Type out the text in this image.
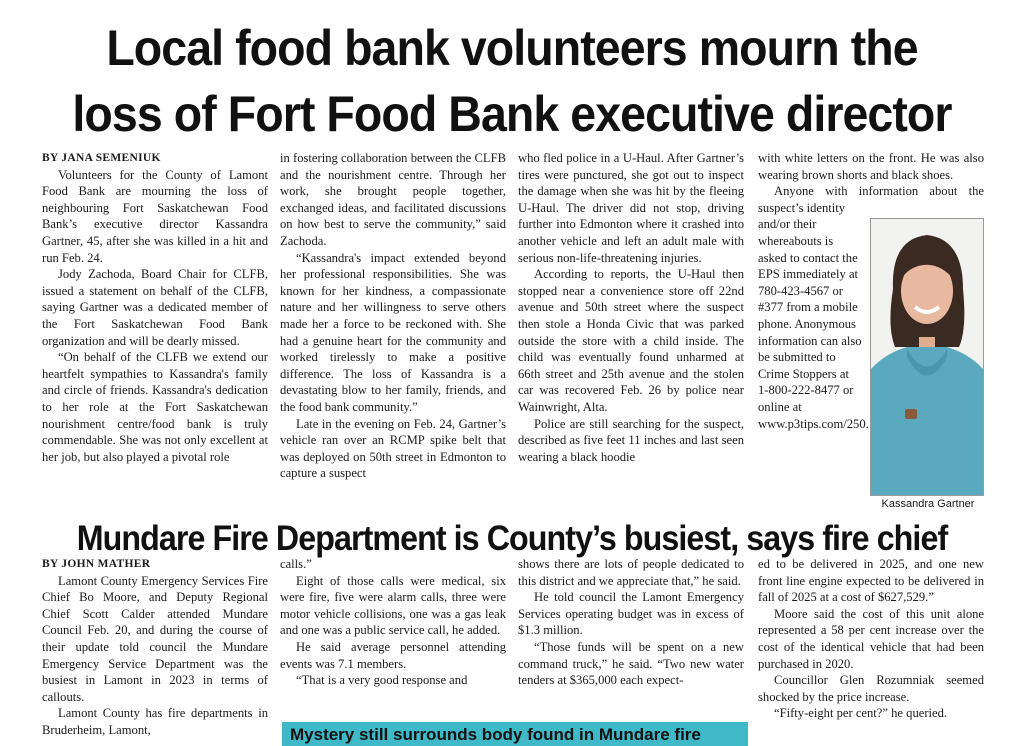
Local food bank volunteers mourn the
loss of Fort Food Bank executive director

BY JANA SEMENIUK

Volunteers for the County of Lamont Food Bank are mourning the loss of neighbouring Fort Saskatchewan Food Bank’s executive director Kassandra Gartner, 45, after she was killed in a hit and run Feb. 24.

Jody Zachoda, Board Chair for CLFB, issued a statement on behalf of the CLFB, saying Gartner was a dedicated member of the Fort Saskatchewan Food Bank organization and will be dearly missed.

“On behalf of the CLFB we extend our heartfelt sympathies to Kassandra's family and circle of friends. Kassandra's dedication to her role at the Fort Saskatchewan nourishment centre/food bank is truly commendable. She was not only excellent at her job, but also played a pivotal role

in fostering collaboration between the CLFB and the nourishment centre. Through her work, she brought people together, exchanged ideas, and facilitated discussions on how best to serve the community,” said Zachoda.

“Kassandra's impact extended beyond her professional responsibilities. She was known for her kindness, a compassionate nature and her willingness to serve others made her a force to be reckoned with. She had a genuine heart for the community and worked tirelessly to make a positive difference. The loss of Kassandra is a devastating blow to her family, friends, and the food bank community.”

Late in the evening on Feb. 24, Gartner’s vehicle ran over an RCMP spike belt that was deployed on 50th street in Edmonton to capture a suspect

who fled police in a U-Haul. After Gartner’s tires were punctured, she got out to inspect the damage when she was hit by the fleeing U-Haul. The driver did not stop, driving further into Edmonton where it crashed into another vehicle and left an adult male with serious non-life-threatening injuries.

According to reports, the U-Haul then stopped near a convenience store off 22nd avenue and 50th street where the suspect then stole a Honda Civic that was parked outside the store with a child inside. The child was eventually found unharmed at 66th street and 25th avenue and the stolen car was recovered Feb. 26 by police near Wainwright, Alta.

Police are still searching for the suspect, described as five feet 11 inches and last seen wearing a black hoodie

with white letters on the front. He was also wearing brown shorts and black shoes.

Anyone with information about the suspect’s identity

and/or their whereabouts is asked to contact the EPS immediately at 780-423-4567 or #377 from a mobile phone. Anonymous information can also be submitted to Crime Stoppers at 1-800-222-8477 or online at www.p3tips.com/250.

Kassandra Gartner
Mundare Fire Department is County’s busiest, says fire chief

BY JOHN MATHER

Lamont County Emergency Services Fire Chief Bo Moore, and Deputy Regional Chief Scott Calder attended Mundare Council Feb. 20, and during the course of their update told council the Mundare Emergency Service Department was the busiest in Lamont in 2023 in terms of callouts.

Lamont County has fire departments in Bruderheim, Lamont,

calls.”

Eight of those calls were medical, six were fire, five were alarm calls, three were motor vehicle collisions, one was a gas leak and one was a public service call, he added.

He said average personnel attending events was 7.1 members.

“That is a very good response and

shows there are lots of people dedicated to this district and we appreciate that,” he said.

He told council the Lamont Emergency Services operating budget was in excess of $1.3 million.

“Those funds will be spent on a new command truck,” he said. “Two new water tenders at $365,000 each expect-

ed to be delivered in 2025, and one new front line engine expected to be delivered in fall of 2025 at a cost of $627,529.”

Moore said the cost of this unit alone represented a 58 per cent increase over the cost of the identical vehicle that had been purchased in 2020.

Councillor Glen Rozumniak seemed shocked by the price increase.

“Fifty-eight per cent?” he queried.

Mystery still surrounds body found in Mundare fire
